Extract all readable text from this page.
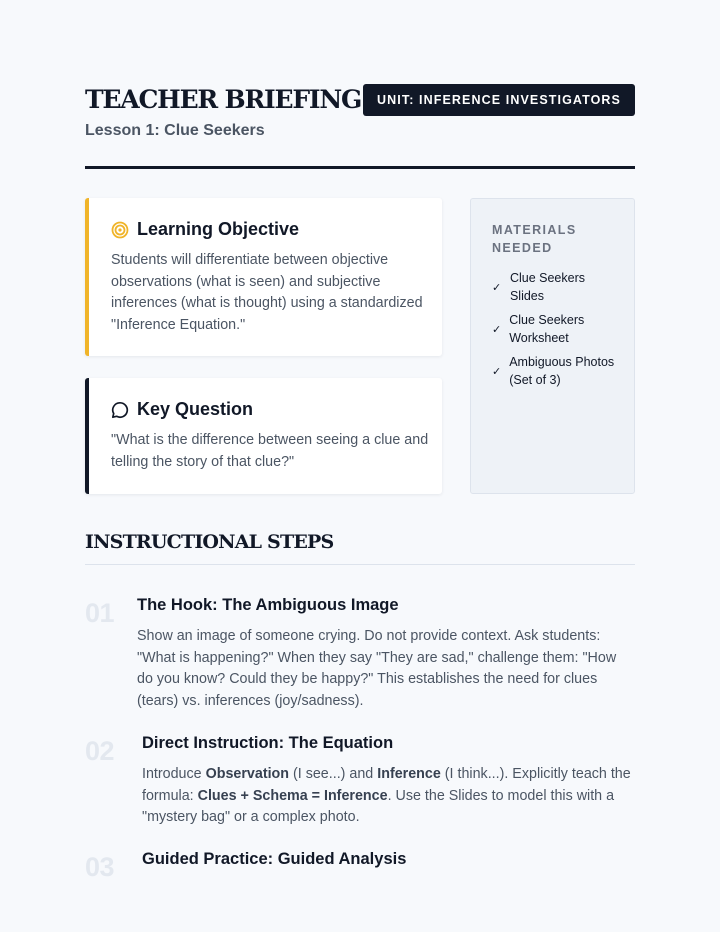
TEACHER BRIEFING
Lesson 1: Clue Seekers
UNIT: INFERENCE INVESTIGATORS
Learning Objective
Students will differentiate between objective observations (what is seen) and subjective inferences (what is thought) using a standardized "Inference Equation."
Key Question
"What is the difference between seeing a clue and telling the story of that clue?"
MATERIALS NEEDED
✓
Clue Seekers Slides
✓
Clue Seekers Worksheet
✓
Ambiguous Photos (Set of 3)
INSTRUCTIONAL STEPS
01 The Hook: The Ambiguous Image
Show an image of someone crying. Do not provide context. Ask students: "What is happening?" When they say "They are sad," challenge them: "How do you know? Could they be happy?" This establishes the need for clues (tears) vs. inferences (joy/sadness).
02 Direct Instruction: The Equation
Introduce Observation (I see...) and Inference (I think...). Explicitly teach the formula: Clues + Schema = Inference. Use the Slides to model this with a "mystery bag" or a complex photo.
03 Guided Practice: Guided Analysis
